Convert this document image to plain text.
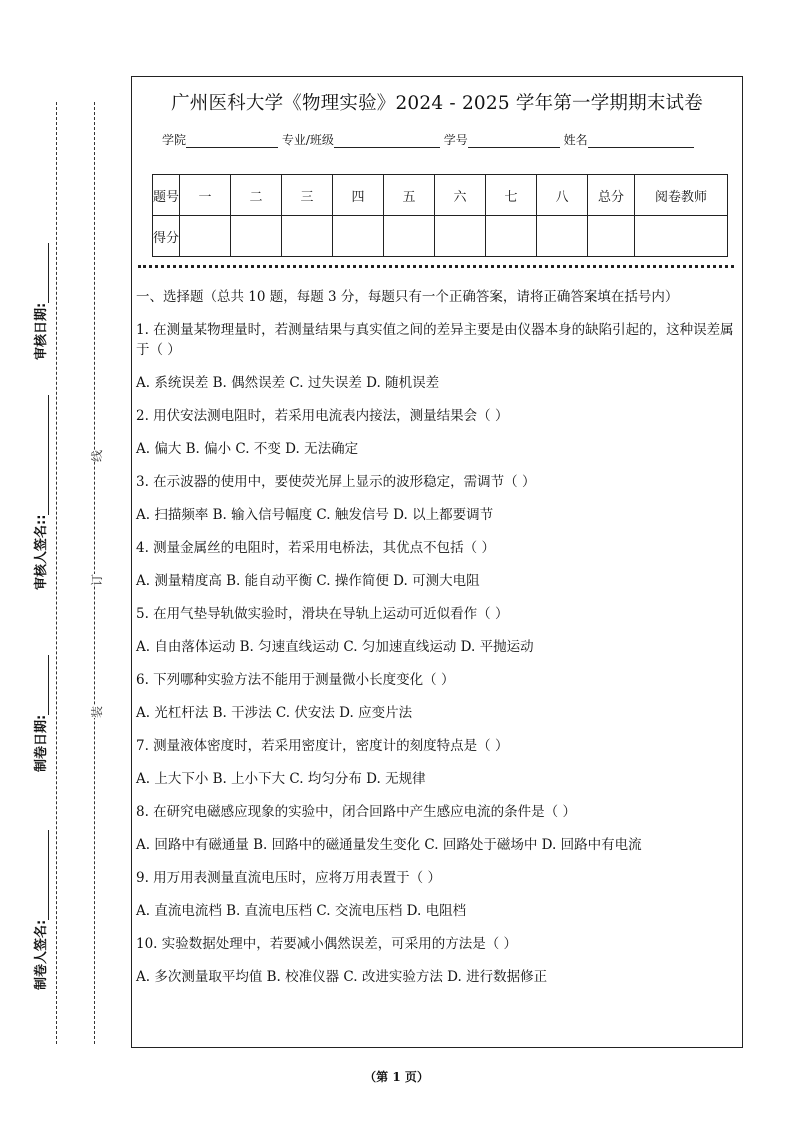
审核日期:
审核人签名::
制卷日期:
制卷人签名:
线
订
装
广州医科大学《物理实验》2024 - 2025 学年第一学期期末试卷
学院	专业/班级	学号	姓名
题号	一	二	三	四	五	六	七	八	总分	阅卷教师
得分										

一、选择题（总共 10 题，每题 3 分，每题只有一个正确答案，请将正确答案填在括号内）

1. 在测量某物理量时，若测量结果与真实值之间的差异主要是由仪器本身的缺陷引起的，这种误差属于（ ）

A. 系统误差 B. 偶然误差 C. 过失误差 D. 随机误差

2. 用伏安法测电阻时，若采用电流表内接法，测量结果会（ ）

A. 偏大 B. 偏小 C. 不变 D. 无法确定

3. 在示波器的使用中，要使荧光屏上显示的波形稳定，需调节（ ）

A. 扫描频率 B. 输入信号幅度 C. 触发信号 D. 以上都要调节

4. 测量金属丝的电阻时，若采用电桥法，其优点不包括（ ）

A. 测量精度高 B. 能自动平衡 C. 操作简便 D. 可测大电阻

5. 在用气垫导轨做实验时，滑块在导轨上运动可近似看作（ ）

A. 自由落体运动 B. 匀速直线运动 C. 匀加速直线运动 D. 平抛运动

6. 下列哪种实验方法不能用于测量微小长度变化（ ）

A. 光杠杆法 B. 干涉法 C. 伏安法 D. 应变片法

7. 测量液体密度时，若采用密度计，密度计的刻度特点是（ ）

A. 上大下小 B. 上小下大 C. 均匀分布 D. 无规律

8. 在研究电磁感应现象的实验中，闭合回路中产生感应电流的条件是（ ）

A. 回路中有磁通量 B. 回路中的磁通量发生变化 C. 回路处于磁场中 D. 回路中有电流

9. 用万用表测量直流电压时，应将万用表置于（ ）

A. 直流电流档 B. 直流电压档 C. 交流电压档 D. 电阻档

10. 实验数据处理中，若要减小偶然误差，可采用的方法是（ ）

A. 多次测量取平均值 B. 校准仪器 C. 改进实验方法 D. 进行数据修正

（第 1 页）
